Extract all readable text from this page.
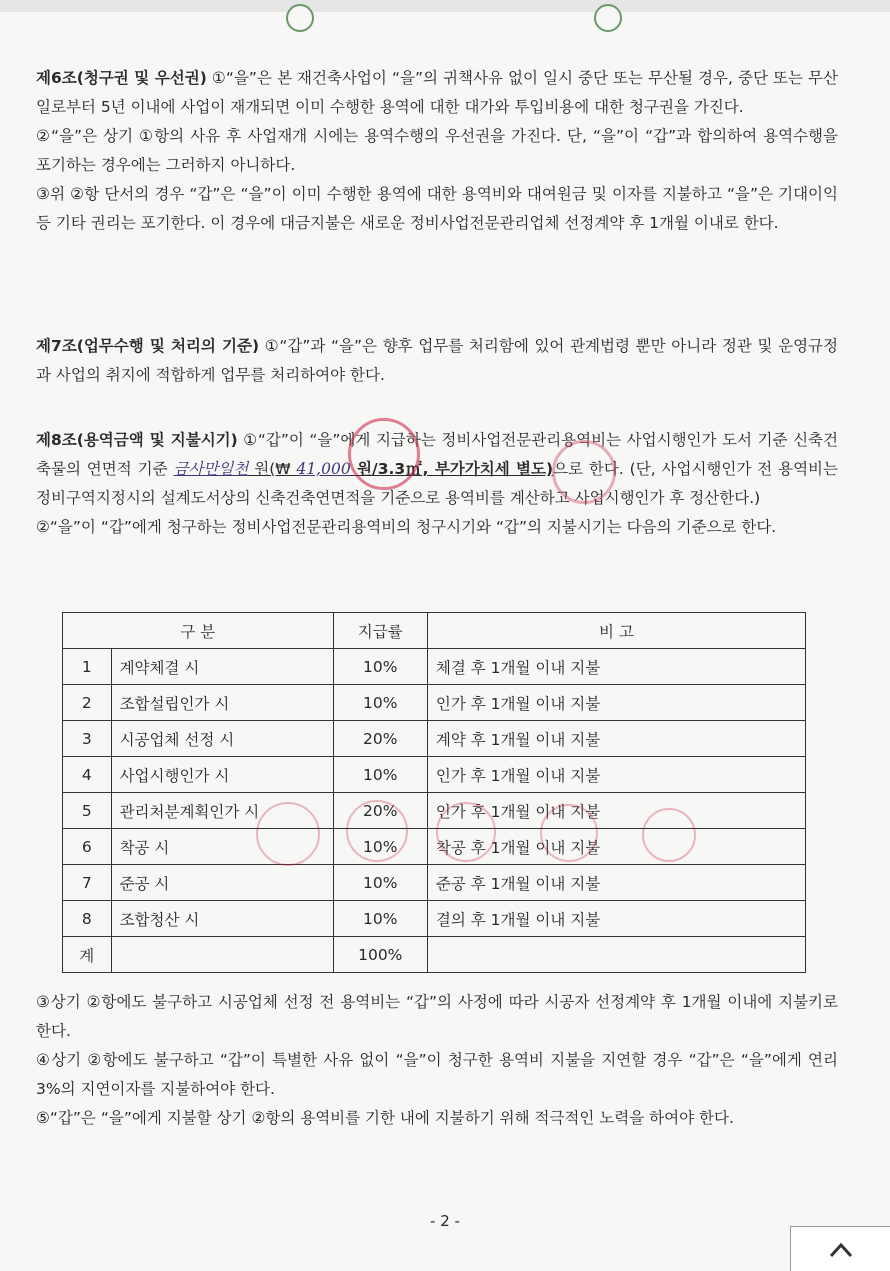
제6조(청구권 및 우선권) ①“을”은 본 재건축사업이 “을”의 귀책사유 없이 일시 중단 또는 무산될 경우, 중단 또는 무산일로부터 5년 이내에 사업이 재개되면 이미 수행한 용역에 대한 대가와 투입비용에 대한 청구권을 가진다.

②“을”은 상기 ①항의 사유 후 사업재개 시에는 용역수행의 우선권을 가진다. 단, “을”이 “갑”과 합의하여 용역수행을 포기하는 경우에는 그러하지 아니하다.

③위 ②항 단서의 경우 “갑”은 “을”이 이미 수행한 용역에 대한 용역비와 대여원금 및 이자를 지불하고 “을”은 기대이익 등 기타 권리는 포기한다. 이 경우에 대금지불은 새로운 정비사업전문관리업체 선정계약 후 1개월 이내로 한다.

제7조(업무수행 및 처리의 기준) ①“갑”과 “을”은 향후 업무를 처리함에 있어 관계법령 뿐만 아니라 정관 및 운영규정과 사업의 취지에 적합하게 업무를 처리하여야 한다.

제8조(용역금액 및 지불시기) ①“갑”이 “을”에게 지급하는 정비사업전문관리용역비는 사업시행인가 도서 기준 신축건축물의 연면적 기준 금사만일천 원(₩ 41,000 원/3.3㎡, 부가가치세 별도)으로 한다. (단, 사업시행인가 전 용역비는 정비구역지정시의 설계도서상의 신축건축연면적을 기준으로 용역비를 계산하고 사업시행인가 후 정산한다.)

②“을”이 “갑”에게 청구하는 정비사업전문관리용역비의 청구시기와 “갑”의 지불시기는 다음의 기준으로 한다.

구 분		지급률	비 고
1	계약체결 시	10%	체결 후 1개월 이내 지불
2	조합설립인가 시	10%	인가 후 1개월 이내 지불
3	시공업체 선정 시	20%	계약 후 1개월 이내 지불
4	사업시행인가 시	10%	인가 후 1개월 이내 지불
5	관리처분계획인가 시	20%	인가 후 1개월 이내 지불
6	착공 시	10%	착공 후 1개월 이내 지불
7	준공 시	10%	준공 후 1개월 이내 지불
8	조합청산 시	10%	결의 후 1개월 이내 지불
계		100%	

③상기 ②항에도 불구하고 시공업체 선정 전 용역비는 “갑”의 사정에 따라 시공자 선정계약 후 1개월 이내에 지불키로 한다.

④상기 ②항에도 불구하고 “갑”이 특별한 사유 없이 “을”이 청구한 용역비 지불을 지연할 경우 “갑”은 “을”에게 연리 3%의 지연이자를 지불하여야 한다.

⑤“갑”은 “을”에게 지불할 상기 ②항의 용역비를 기한 내에 지불하기 위해 적극적인 노력을 하여야 한다.

- 2 -
